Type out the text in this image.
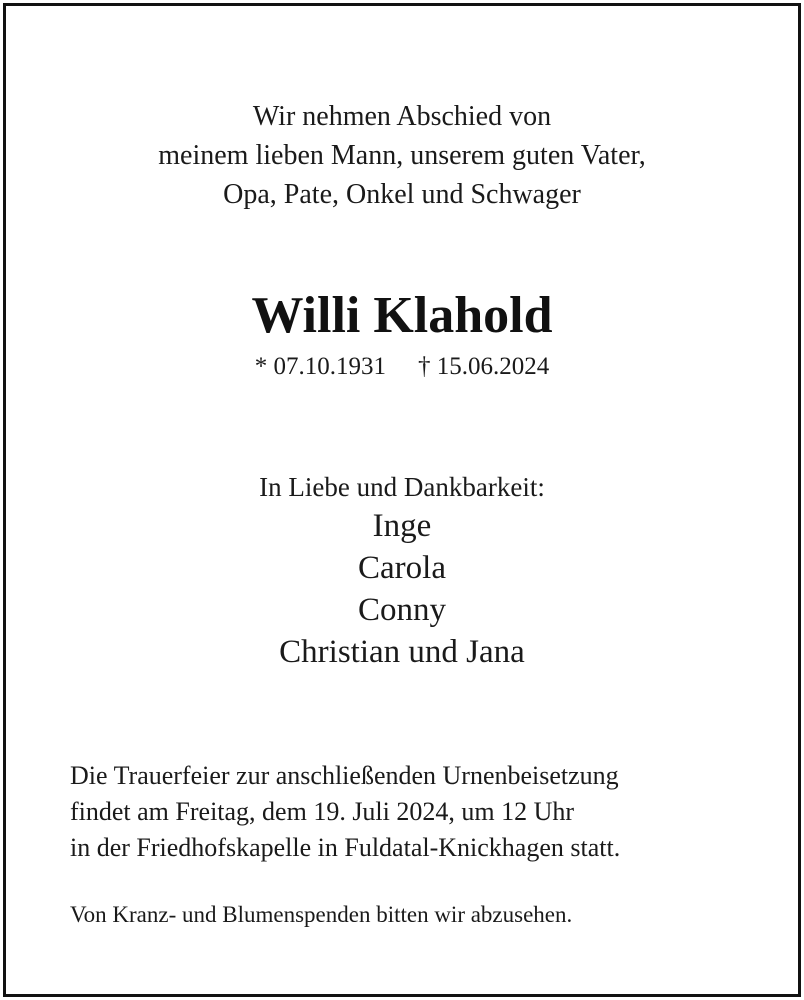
Wir nehmen Abschied von
meinem lieben Mann, unserem guten Vater,
Opa, Pate, Onkel und Schwager
Willi Klahold
* 07.10.1931 † 15.06.2024
In Liebe und Dankbarkeit:
Inge
Carola
Conny
Christian und Jana
Die Trauerfeier zur anschließenden Urnenbeisetzung
findet am Freitag, dem 19. Juli 2024, um 12 Uhr
in der Friedhofskapelle in Fuldatal-Knickhagen statt.
Von Kranz- und Blumenspenden bitten wir abzusehen.
